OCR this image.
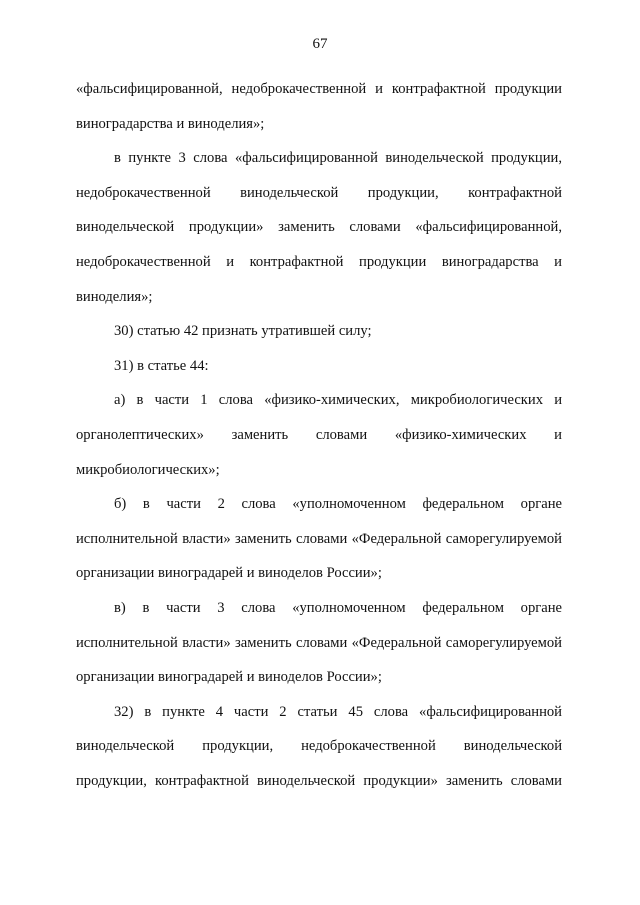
67

«фальсифицированной, недоброкачественной и контрафактной продукции виноградарства и виноделия»;

в пункте 3 слова «фальсифицированной винодельческой продукции, недоброкачественной винодельческой продукции, контрафактной винодельческой продукции» заменить словами «фальсифицированной, недоброкачественной и контрафактной продукции виноградарства и виноделия»;

30) статью 42 признать утратившей силу;

31) в статье 44:

а) в части 1 слова «физико-химических, микробиологических и органолептических» заменить словами «физико-химических и микробиологических»;

б) в части 2 слова «уполномоченном федеральном органе исполнительной власти» заменить словами «Федеральной саморегулируемой организации виноградарей и виноделов России»;

в) в части 3 слова «уполномоченном федеральном органе исполнительной власти» заменить словами «Федеральной саморегулируемой организации виноградарей и виноделов России»;

32) в пункте 4 части 2 статьи 45 слова «фальсифицированной винодельческой продукции, недоброкачественной винодельческой продукции, контрафактной винодельческой продукции» заменить словами
